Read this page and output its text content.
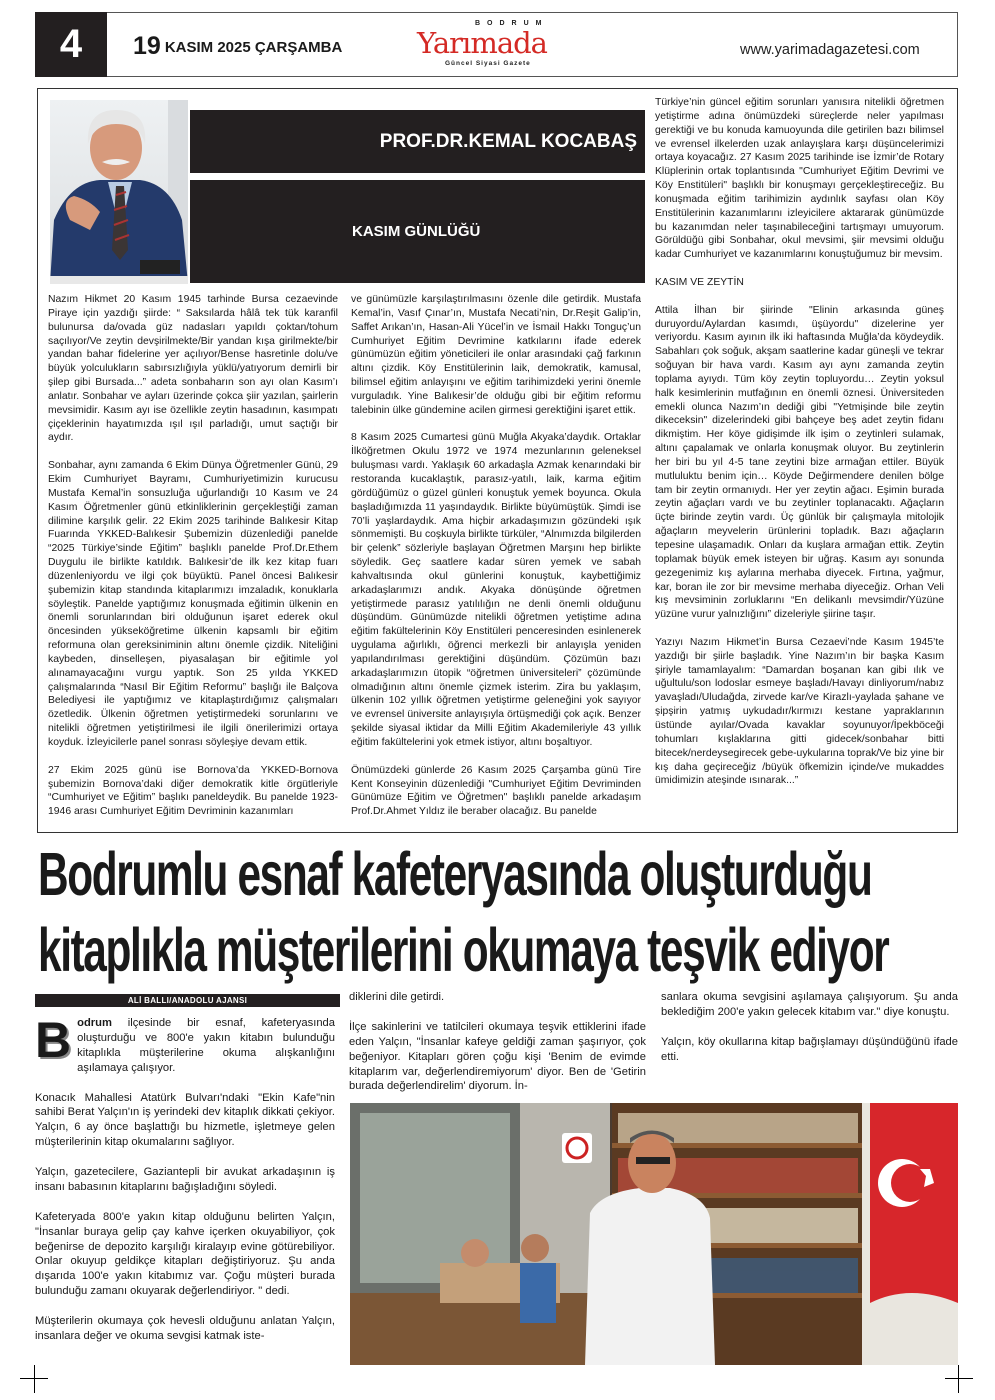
4	19 KASIM 2025 ÇARŞAMBA
BODRUM
Yarımada
Güncel Siyasi Gazete
www.yarimadagazetesi.com
PROF.DR.KEMAL KOCABAŞ
KASIM GÜNLÜĞÜ

Nazım Hikmet 20 Kasım 1945 tarhinde Bursa cezaevinde Piraye için yazdığı şiirde: “ Saksılarda hâlâ tek tük karanfil bulunursa da/ovada güz nadasları yapıldı çoktan/tohum saçılıyor/Ve zeytin devşirilmekte/Bir yandan kışa girilmekte/bir yandan bahar fidelerine yer açılıyor/Bense hasretinle dolu/ve büyük yolculukların sabırsızlığıyla yüklü/yatıyorum demirli bir şilep gibi Bursada...” adeta sonbaharın son ayı olan Kasım’ı anlatır. Sonbahar ve ayları üzerinde çokca şiir yazılan, şairlerin mevsimidir. Kasım ayı ise özellikle zeytin hasadının, kasımpatı çiçeklerinin hayatımızda ışıl ışıl parladığı, umut saçtığı bir aydır.

Sonbahar, aynı zamanda 6 Ekim Dünya Öğretmenler Günü, 29 Ekim Cumhuriyet Bayramı, Cumhuriyetimizin kurucusu Mustafa Kemal’in sonsuzluğa uğurlandığı 10 Kasım ve 24 Kasım Öğretmenler günü etkinliklerinin gerçekleştiği zaman dilimine karşılık gelir. 22 Ekim 2025 tarihinde Balıkesir Kitap Fuarında YKKED-Balıkesir Şubemizin düzenlediği panelde “2025 Türkiye’sinde Eğitim” başlıklı panelde Prof.Dr.Ethem Duygulu ile birlikte katıldık. Balıkesir’de ilk kez kitap fuarı düzenleniyordu ve ilgi çok büyüktü. Panel öncesi Balıkesir şubemizin kitap standında kitaplarımızı imzaladık, konuklarla söyleştik. Panelde yaptığımız konuşmada eğitimin ülkenin en önemli sorunlarından biri olduğunun işaret ederek okul öncesinden yükseköğretime ülkenin kapsamlı bir eğitim reformuna olan gereksiniminin altını önemle çizdik. Niteliğini kaybeden, dinselleşen, piyasalaşan bir eğitimle yol alınamayacağını vurgu yaptık. Son 25 yılda YKKED çalışmalarında “Nasıl Bir Eğitim Reformu” başlığı ile Balçova Belediyesi ile yaptığımız ve kitaplaştırdığımız çalışmaları özetledik. Ülkenin öğretmen yetiştirmedeki sorunlarını ve nitelikli öğretmen yetiştirilmesi ile ilgili önerilerimizi ortaya koyduk. İzleyicilerle panel sonrası söyleşiye devam ettik.

27 Ekim 2025 günü ise Bornova’da YKKED-Bornova şubemizin Bornova’daki diğer demokratik kitle örgütleriyle “Cumhuriyet ve Eğitim” başlıkı paneldeydik. Bu panelde 1923-1946 arası Cumhuriyet Eğitim Devriminin kazanımları

ve günümüzle karşılaştırılmasını özenle dile getirdik. Mustafa Kemal’in, Vasıf Çınar’ın, Mustafa Necati’nin, Dr.Reşit Galip’in, Saffet Arıkan’ın, Hasan-Ali Yücel’in ve İsmail Hakkı Tonguç’un Cumhuriyet Eğitim Devrimine katkılarını ifade ederek günümüzün eğitim yöneticileri ile onlar arasındaki çağ farkının altını çizdik. Köy Enstitülerinin laik, demokratik, kamusal, bilimsel eğitim anlayışını ve eğitim tarihimizdeki yerini önemle vurguladık. Yine Balıkesir’de olduğu gibi bir eğitim reformu talebinin ülke gündemine acilen girmesi gerektiğini işaret ettik.

8 Kasım 2025 Cumartesi günü Muğla Akyaka’daydık. Ortaklar İlköğretmen Okulu 1972 ve 1974 mezunlarının geleneksel buluşması vardı. Yaklaşık 60 arkadaşla Azmak kenarındaki bir restoranda kucaklaştık, parasız-yatılı, laik, karma eğitim gördüğümüz o güzel günleri konuştuk yemek boyunca. Okula başladığımızda 11 yaşındaydık. Birlikte büyümüştük. Şimdi ise 70’li yaşlardaydık. Ama hiçbir arkadaşımızın gözündeki ışık sönmemişti. Bu coşkuyla birlikte türküler, “Alnımızda bilgilerden bir çelenk” sözleriyle başlayan Öğretmen Marşını hep birlikte söyledik. Geç saatlere kadar süren yemek ve sabah kahvaltısında okul günlerini konuştuk, kaybettiğimiz arkadaşlarımızı andık. Akyaka dönüşünde öğretmen yetiştirmede parasız yatılılığın ne denli önemli olduğunu düşündüm. Günümüzde nitelikli öğretmen yetiştime adına eğitim fakültelerinin Köy Enstitüleri penceresinden esinlenerek uygulama ağırlıklı, öğrenci merkezli bir anlayışla yeniden yapılandırılması gerektiğini düşündüm. Çözümün bazı arkadaşlarımızın ütopik “öğretmen üniversiteleri” çözümünde olmadığının altını önemle çizmek isterim. Zira bu yaklaşım, ülkenin 102 yıllık öğretmen yetiştirme geleneğini yok sayıyor ve evrensel üniversite anlayışıyla örtüşmediği çok açık. Benzer şekilde siyasal iktidar da Milli Eğitim Akademileriyle 43 yıllık eğitim fakültelerini yok etmek istiyor, altını boşaltıyor.

Önümüzdeki günlerde 26 Kasım 2025 Çarşamba günü Tire Kent Konseyinin düzenlediği "Cumhuriyet Eğitim Devriminden Günümüze Eğitim ve Öğretmen" başlıklı panelde arkadaşım Prof.Dr.Ahmet Yıldız ile beraber olacağız. Bu panelde

Türkiye’nin güncel eğitim sorunları yanısıra nitelikli öğretmen yetiştirme adına önümüzdeki süreçlerde neler yapılması gerektiği ve bu konuda kamuoyunda dile getirilen bazı bilimsel ve evrensel ilkelerden uzak anlayışlara karşı düşüncelerimizi ortaya koyacağız. 27 Kasım 2025 tarihinde ise İzmir’de Rotary Klüplerinin ortak toplantısında "Cumhuriyet Eğitim Devrimi ve Köy Enstitüleri" başlıklı bir konuşmayı gerçekleştireceğiz. Bu konuşmada eğitim tarihimizin aydınlık sayfası olan Köy Enstitülerinin kazanımlarını izleyicilere aktararak günümüzde bu kazanımdan neler taşınabileceğini tartışmayı umuyorum. Görüldüğü gibi Sonbahar, okul mevsimi, şiir mevsimi olduğu kadar Cumhuriyet ve kazanımlarını konuştuğumuz bir mevsim.

KASIM VE ZEYTİN

Attila İlhan bir şiirinde "Elinin arkasında güneş duruyordu/Aylardan kasımdı, üşüyordu" dizelerine yer veriyordu. Kasım ayının ilk iki haftasında Muğla’da köydeydik. Sabahları çok soğuk, akşam saatlerine kadar güneşli ve tekrar soğuyan bir hava vardı. Kasım ayı aynı zamanda zeytin toplama ayıydı. Tüm köy zeytin topluyordu… Zeytin yoksul halk kesimlerinin mutfağının en önemli öznesi. Üniversiteden emekli olunca Nazım’ın dediği gibi "Yetmişinde bile zeytin dikeceksin" dizelerindeki gibi bahçeye beş adet zeytin fidanı dikmiştim. Her köye gidişimde ilk işim o zeytinleri sulamak, altını çapalamak ve onlarla konuşmak oluyor. Bu zeytinlerin her biri bu yıl 4-5 tane zeytini bize armağan ettiler. Büyük mutluluktu benim için… Köyde Değirmendere denilen bölge tam bir zeytin ormanıydı. Her yer zeytin ağacı. Eşimin burada zeytin ağaçları vardı ve bu zeytinler toplanacaktı. Ağaçların üçte birinde zeytin vardı. Üç günlük bir çalışmayla mitolojik ağaçların meyvelerin ürünlerini topladık. Bazı ağaçların tepesine ulaşamadık. Onları da kuşlara armağan ettik. Zeytin toplamak büyük emek isteyen bir uğraş. Kasım ayı sonunda gezegenimiz kış aylarına merhaba diyecek. Fırtına, yağmur, kar, boran ile zor bir mevsime merhaba diyeceğiz. Orhan Veli kış mevsiminin zorluklarını “En delikanlı mevsimdir/Yüzüne yüzüne vurur yalnızlığını” dizeleriyle şiirine taşır.

Yazıyı Nazım Hikmet’in Bursa Cezaevi’nde Kasım 1945’te yazdığı bir şiirle başladık. Yine Nazım’ın bir başka Kasım şiriyle tamamlayalım: “Damardan boşanan kan gibi ılık ve uğultulu/son lodoslar esmeye başladı/Havayı dinliyorum/nabız yavaşladı/Uludağda, zirvede kar/ve Kirazlı-yaylada şahane ve şipşirin yatmış uykudadır/kırmızı kestane yapraklarının üstünde ayılar/Ovada kavaklar soyunuyor/İpekböceği tohumları kışlaklarına gitti gidecek/sonbahar bitti bitecek/nerdeysegirecek gebe-uykularına toprak/Ve biz yine bir kış daha geçireceğiz /büyük öfkemizin içinde/ve mukaddes ümidimizin ateşinde ısınarak...”

Bodrumlu esnaf kafeteryasında oluşturduğu
kitaplıkla müşterilerini okumaya teşvik ediyor
ALİ BALLI/ANADOLU AJANSI

Bodrum ilçesinde bir esnaf, kafeteryasında oluşturduğu ve 800'e yakın kitabın bulunduğu kitaplıkla müşterilerine okuma alışkanlığını aşılamaya çalışıyor.

Konacık Mahallesi Atatürk Bulvarı'ndaki "Ekin Kafe"nin sahibi Berat Yalçın'ın iş yerindeki dev kitaplık dikkati çekiyor. Yalçın, 6 ay önce başlattığı bu hizmetle, işletmeye gelen müşterilerinin kitap okumalarını sağlıyor.

Yalçın, gazetecilere, Gaziantepli bir avukat arkadaşının iş insanı babasının kitaplarını bağışladığını söyledi.

Kafeteryada 800'e yakın kitap olduğunu belirten Yalçın, "İnsanlar buraya gelip çay kahve içerken okuyabiliyor, çok beğenirse de depozito karşılığı kiralayıp evine götürebiliyor. Onlar okuyup geldikçe kitapları değiştiriyoruz. Şu anda dışarıda 100'e yakın kitabımız var. Çoğu müşteri burada bulunduğu zamanı okuyarak değerlendiriyor. " dedi.

Müşterilerin okumaya çok hevesli olduğunu anlatan Yalçın, insanlara değer ve okuma sevgisi katmak iste-

diklerini dile getirdi.

İlçe sakinlerini ve tatilcileri okumaya teşvik ettiklerini ifade eden Yalçın, "İnsanlar kafeye geldiği zaman şaşırıyor, çok beğeniyor. Kitapları gören çoğu kişi 'Benim de evimde kitaplarım var, değerlendiremiyorum' diyor. Ben de 'Getirin burada değerlendirelim' diyorum. İn-

sanlara okuma sevgisini aşılamaya çalışıyorum. Şu anda beklediğim 200'e yakın gelecek kitabım var." diye konuştu.

Yalçın, köy okullarına kitap bağışlamayı düşündüğünü ifade etti.
